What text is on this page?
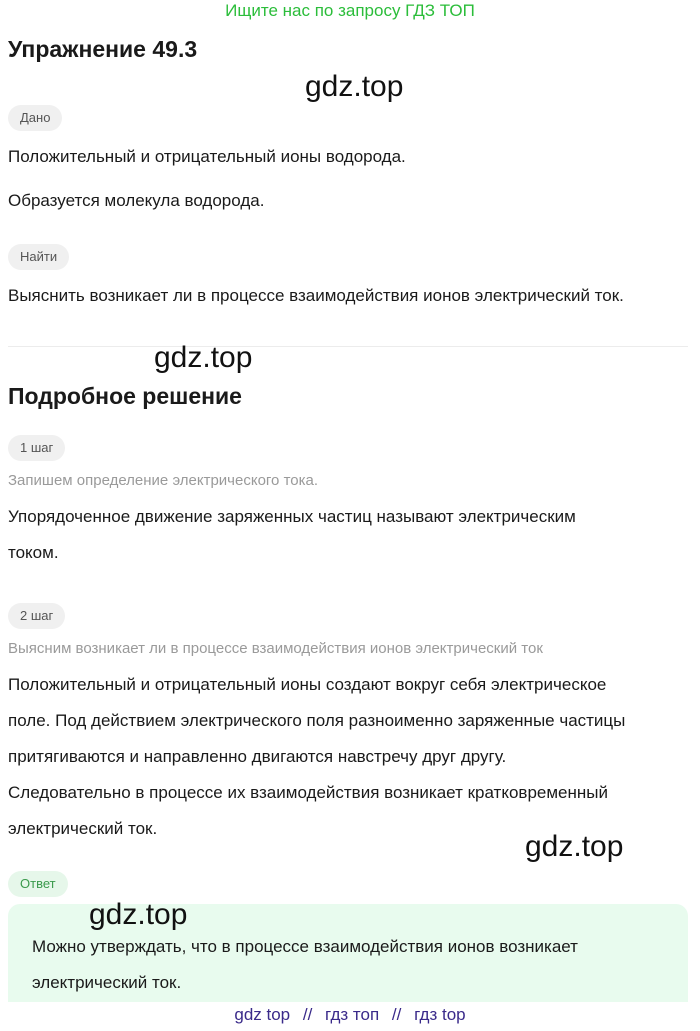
Ищите нас по запросу ГДЗ ТОП
Упражнение 49.3
gdz.top
Дано
Положительный и отрицательный ионы водорода.
Образуется молекула водорода.
Найти
Выяснить возникает ли в процессе взаимодействия ионов электрический ток.
gdz.top
Подробное решение
1 шаг
Запишем определение электрического тока.
Упорядоченное движение заряженных частиц называют электрическим
током.
2 шаг
Выясним возникает ли в процессе взаимодействия ионов электрический ток
Положительный и отрицательный ионы создают вокруг себя электрическое
поле. Под действием электрического поля разноименно заряженные частицы
притягиваются и направленно двигаются навстречу друг другу.
Следовательно в процессе их взаимодействия возникает кратковременный
электрический ток.
gdz.top
Ответ
gdz.top
Можно утверждать, что в процессе взаимодействия ионов возникает
электрический ток.
gdz top // гдз топ // гдз top
